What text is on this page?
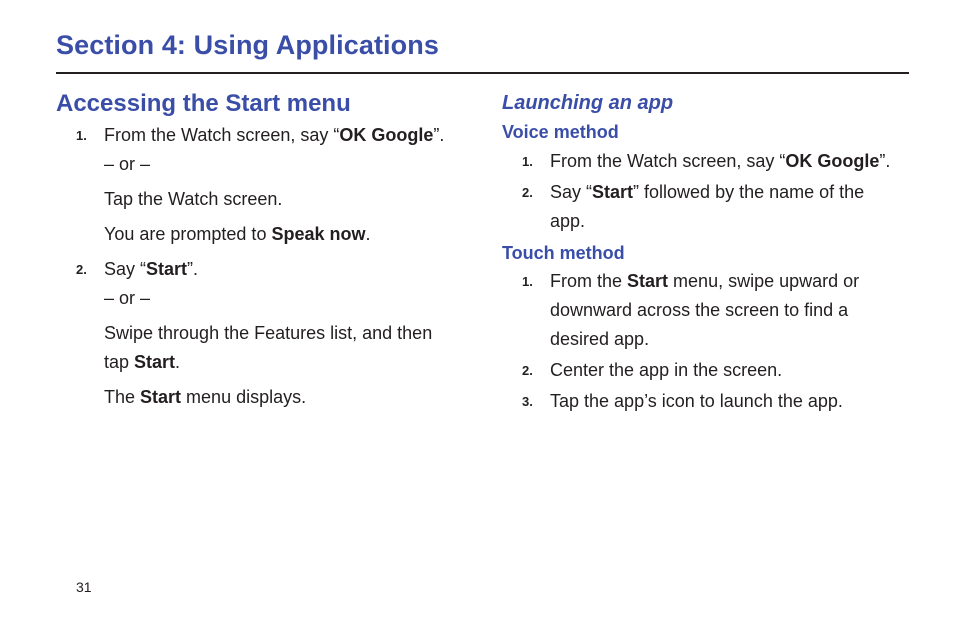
Section 4: Using Applications
Accessing the Start menu
1. From the Watch screen, say “OK Google”.
– or –
Tap the Watch screen.
You are prompted to Speak now.
2. Say “Start”.
– or –
Swipe through the Features list, and then
tap Start.
The Start menu displays.
Launching an app
Voice method
1. From the Watch screen, say “OK Google”.
2. Say “Start” followed by the name of the
app.
Touch method
1. From the Start menu, swipe upward or
downward across the screen to find a
desired app.
2. Center the app in the screen.
3. Tap the app’s icon to launch the app.
31
